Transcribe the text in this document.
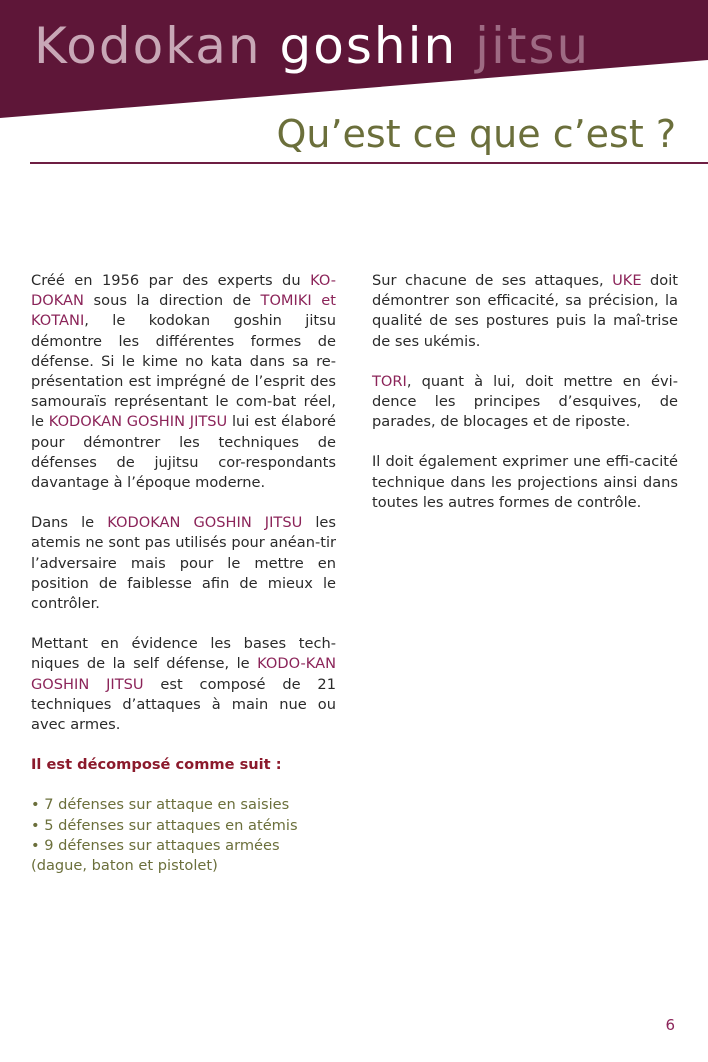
Kodokan goshin jitsu
Qu’est ce que c’est ?

Créé en 1956 par des experts du KO-DOKAN sous la direction de TOMIKI et KOTANI, le kodokan goshin jitsu démontre les différentes formes de défense. Si le kime no kata dans sa re-présentation est imprégné de l’esprit des samouraïs représentant le com-bat réel, le KODOKAN GOSHIN JITSU lui est élaboré pour démontrer les techniques de défenses de jujitsu cor-respondants davantage à l’époque moderne.

Dans le KODOKAN GOSHIN JITSU les atemis ne sont pas utilisés pour anéan-tir l’adversaire mais pour le mettre en position de faiblesse afin de mieux le contrôler.

Mettant en évidence les bases tech-niques de la self défense, le KODO-KAN GOSHIN JITSU est composé de 21 techniques d’attaques à main nue ou avec armes.

Il est décomposé comme suit :
• 7 défenses sur attaque en saisies
• 5 défenses sur attaques en atémis
• 9 défenses sur attaques armées
(dague, baton et pistolet)

Sur chacune de ses attaques, UKE doit démontrer son efficacité, sa précision, la qualité de ses postures puis la maî-trise de ses ukémis.

TORI, quant à lui, doit mettre en évi-dence les principes d’esquives, de parades, de blocages et de riposte.

Il doit également exprimer une effi-cacité technique dans les projections ainsi dans toutes les autres formes de contrôle.

6
